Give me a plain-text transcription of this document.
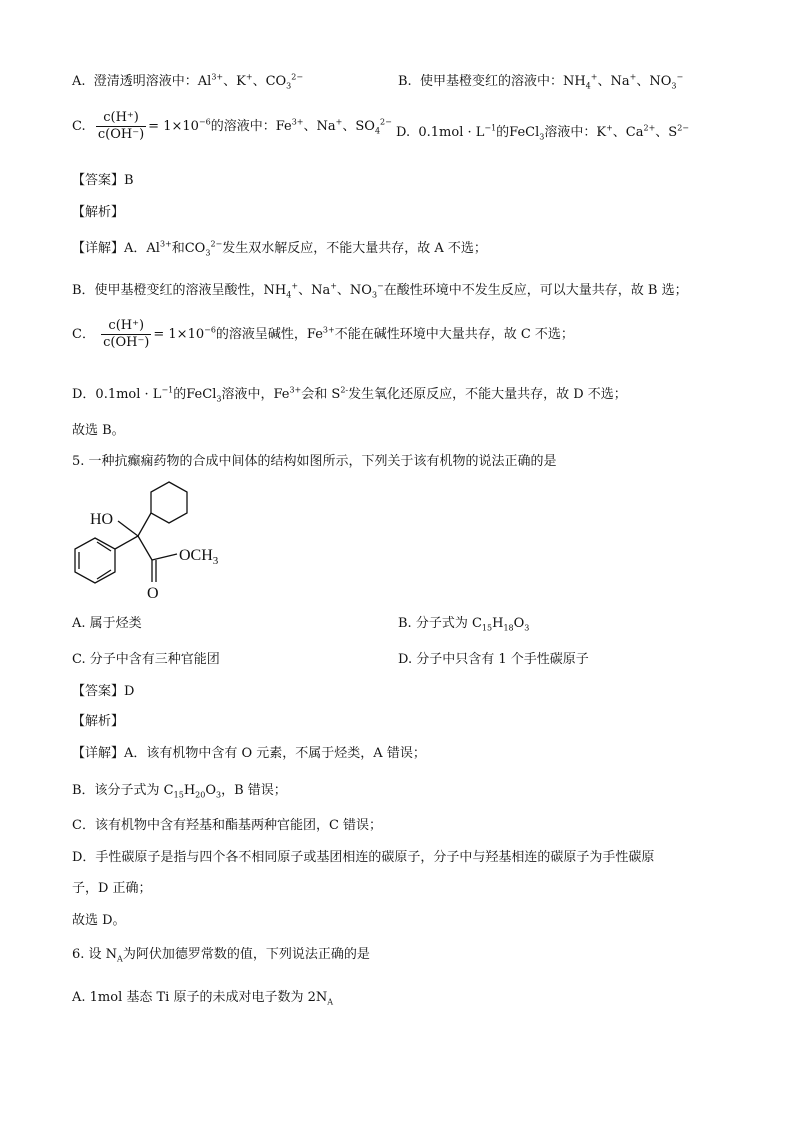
A. 澄清透明溶液中：$Al^{3+}$、K+、$CO_3^{2-}$	B. 使甲基橙变红的溶液中：$NH_4^+$、Na+、$NO_3^-$
C. $\frac{c(H^+)}{c(OH^-)} = 1\times 10^{-6}$的溶液中：$Fe^{3+}$、Na+、$SO_4^{2-}$
D. $0.1mol \cdot L^{-1}$的FeCl$_3$溶液中：K+、$Ca^{2+}$、$S^{2-}$
【答案】B
【解析】
【详解】A．$Al^{3+}$和$CO_3^{2-}$发生双水解反应，不能大量共存，故 A 不选；
B．使甲基橙变红的溶液呈酸性，$NH_4^+$、Na+、$NO_3^-$在酸性环境中不发生反应，可以大量共存，故 B 选；
C． $\frac{c(H^+)}{c(OH^-)} = 1\times 10^{-6}$的溶液呈碱性，$Fe^{3+}$不能在碱性环境中大量共存，故 C 不选；
D．$0.1mol \cdot L^{-1}$的FeCl$_3$溶液中，$Fe^{3+}$会和 $S^{2-}$发生氧化还原反应，不能大量共存，故 D 不选；
故选 B。
5. 一种抗癫痫药物的合成中间体的结构如图所示，下列关于该有机物的说法正确的是
HO
$OCH_3$
O
A. 属于烃类	B. 分子式为 $C_{15}H_{18}O_3$
C. 分子中含有三种官能团	D. 分子中只含有 1 个手性碳原子
【答案】D
【解析】
【详解】A．该有机物中含有 O 元素，不属于烃类，A 错误；
B．该分子式为 $C_{15}H_{20}O_3$，B 错误；
C．该有机物中含有羟基和酯基两种官能团，C 错误；
D．手性碳原子是指与四个各不相同原子或基团相连的碳原子，分子中与羟基相连的碳原子为手性碳原
子，D 正确；
故选 D。
6. 设 $N_A$为阿伏加德罗常数的值，下列说法正确的是
A. 1mol 基态 Ti 原子的未成对电子数为 $2N_A$
